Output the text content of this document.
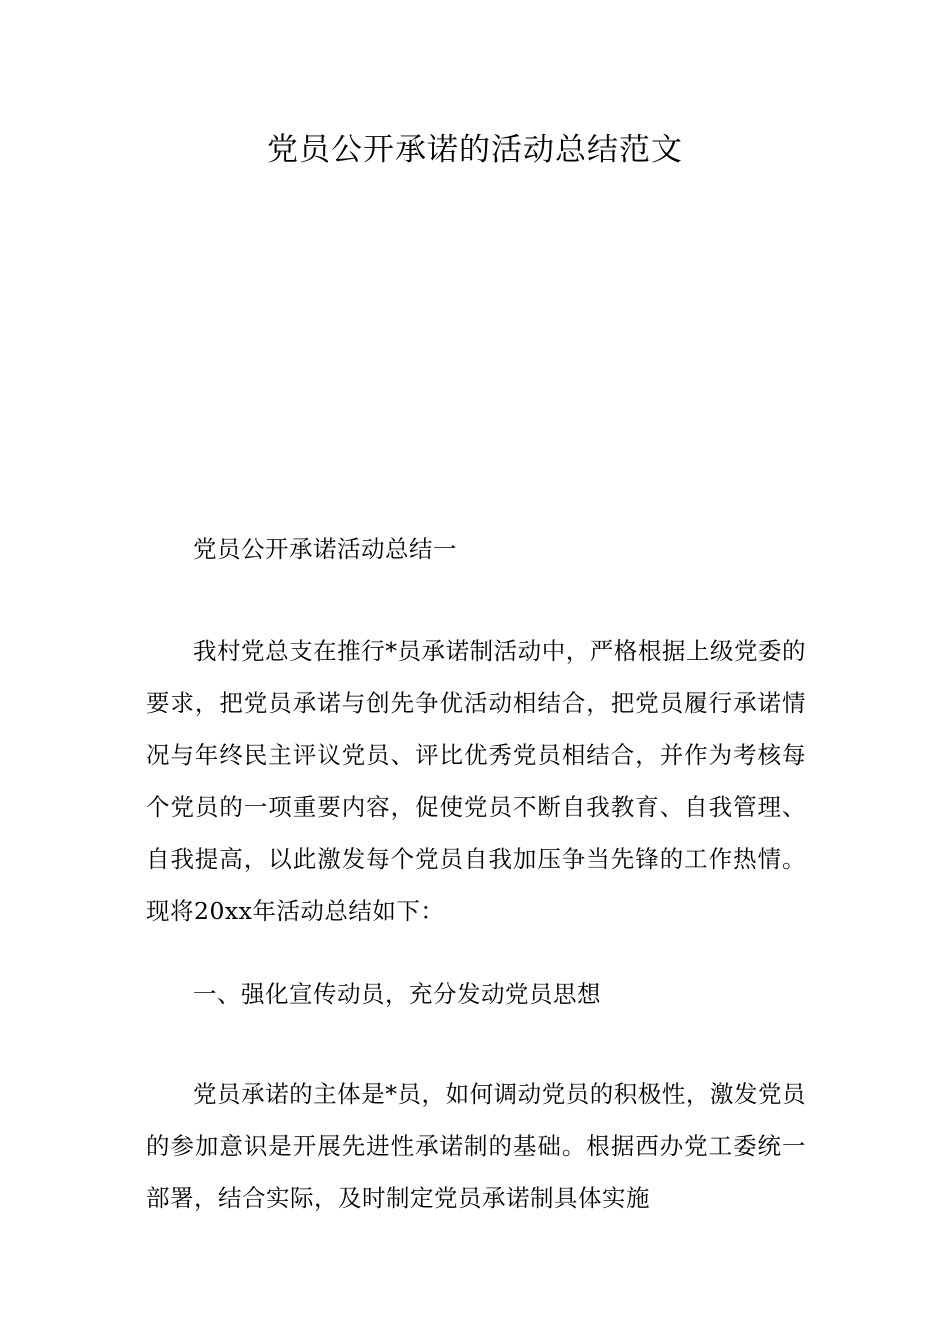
党员公开承诺的活动总结范文

党员公开承诺活动总结一

我村党总支在推行*员承诺制活动中，严格根据上级党委的要求，把党员承诺与创先争优活动相结合，把党员履行承诺情况与年终民主评议党员、评比优秀党员相结合，并作为考核每个党员的一项重要内容，促使党员不断自我教育、自我管理、自我提高，以此激发每个党员自我加压争当先锋的工作热情。现将20xx年活动总结如下：

一、强化宣传动员，充分发动党员思想

党员承诺的主体是*员，如何调动党员的积极性，激发党员的参加意识是开展先进性承诺制的基础。根据西办党工委统一部署，结合实际，及时制定党员承诺制具体实施
